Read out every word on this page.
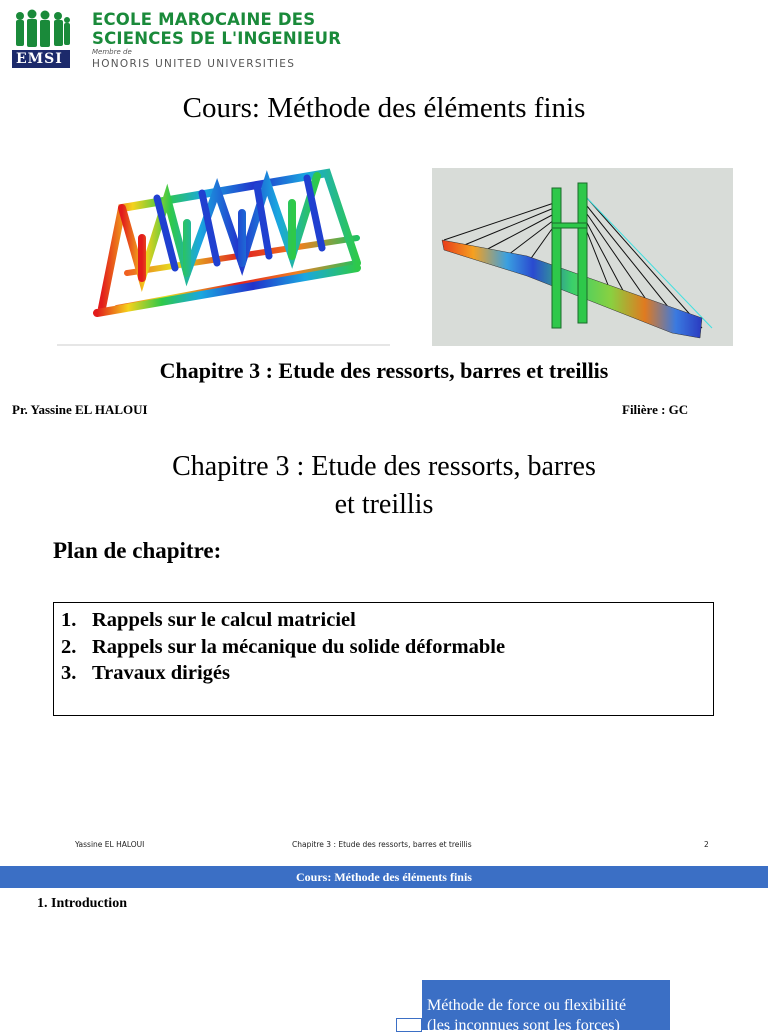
EMSI
ECOLE MAROCAINE DES
SCIENCES DE L'INGENIEUR
Membre de
HONORIS UNITED UNIVERSITIES
Cours: Méthode des éléments finis
Chapitre 3 : Etude des ressorts, barres et treillis
Pr. Yassine EL HALOUI	Filière : GC
Chapitre 3 : Etude des ressorts, barres
et treillis
Plan de chapitre:
1. Rappels sur le calcul matriciel
2. Rappels sur la mécanique du solide déformable
3. Travaux dirigés
Yassine EL HALOUI	Chapitre 3 : Etude des ressorts, barres et treillis	2
Cours: Méthode des éléments finis
1. Introduction
Méthode de force ou flexibilité
(les inconnues sont les forces)
